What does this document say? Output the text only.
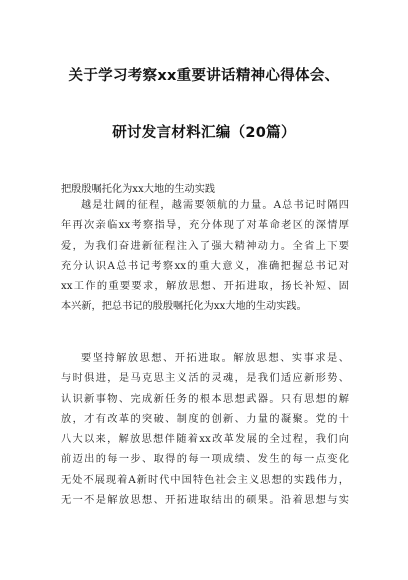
关于学习考察xx重要讲话精神心得体会、
研讨发言材料汇编（20篇）
把殷殷嘱托化为xx大地的生动实践
越是壮阔的征程，越需要领航的力量。A总书记时隔四
年再次亲临xx考察指导，充分体现了对革命老区的深情厚
爱，为我们奋进新征程注入了强大精神动力。全省上下要
充分认识A总书记考察xx的重大意义，准确把握总书记对
xx工作的重要要求，解放思想、开拓进取，扬长补短、固
本兴新，把总书记的殷殷嘱托化为xx大地的生动实践。
要坚持解放思想、开拓进取。解放思想、实事求是、
与时俱进，是马克思主义活的灵魂，是我们适应新形势、
认识新事物、完成新任务的根本思想武器。只有思想的解
放，才有改革的突破、制度的创新、力量的凝聚。党的十
八大以来，解放思想伴随着xx改革发展的全过程，我们向
前迈出的每一步、取得的每一项成绩、发生的每一点变化
无处不展现着A新时代中国特色社会主义思想的实践伟力，
无一不是解放思想、开拓进取结出的硕果。沿着思想与实
